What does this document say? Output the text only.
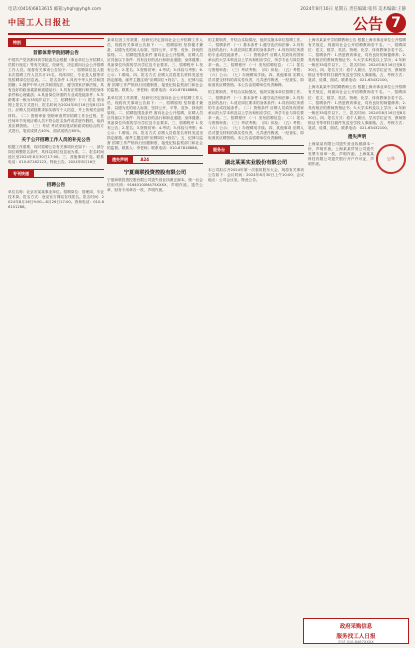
电话:(0416)6813615 邮箱:yhgh@yhgh.com	2024年8月16日 星期五 责任编辑:张伟 美术编辑:王静
中国工人日报社	公告 7
特别
首都体育学院招聘公告
中国共产党首都体育学院委员会根据《事业单位公开招聘人员暂行规定》等有关规定，经研究，决定面向社会公开招聘工作人员。现将有关事项公告如下：一、招聘岗位及人数 本次招聘工作人员共计15名，具体岗位、专业及人数等详见招聘岗位信息表。二、报名条件 1.具有中华人民共和国国籍；2.拥护中华人民共和国宪法，遵守国家法律法规，具有良好的政治素质和道德品行；3.具有正常履行职责的身体条件和心理素质；4.具备岗位所需的专业或技能条件；5.年龄要求一般为35周岁以下。三、招聘程序 （一）报名 采用网上报名方式进行，报名时间为2024年8月16日至8月25日。应聘人员须按要求如实填写个人信息，并上传相关证明材料。（二）资格审查 资格审查贯穿招聘工作全过程，在任何环节发现应聘人员不符合报名条件或弄虚作假的，取消其应聘资格。（三）考试 考试采取笔试和面试相结合的方式进行，笔试成绩占40%，面试成绩占60%。
关于公开招聘工作人员的补充公告
根据工作需要，现对招聘公告有关事项补充如下：一、部分岗位调整报名条件，具体以岗位信息表为准。二、报名时间延长至2024年8月30日17:00。三、其他事项不变。联系电话：010-87182123。特此公告。2024年8月16日
专刊快递
招聘公告
单位名称：北京市某某事业单位。招聘岗位：管理岗、专业技术岗。报名方式：登录官方网站在线报名。报名时间：2024年8月16日9:00—8月26日17:00。咨询电话：010-86101288。
某单位因工作需要，经研究决定面向社会公开招聘工作人员，现将有关事项公告如下：一、招聘原则 坚持德才兼备、以德为先的用人标准，坚持公开、平等、竞争、择优的原则。二、招聘范围及条件 面向社会公开招聘，应聘人员应具备以下条件：具有良好的品行和职业道德；身体健康；具备岗位所需的学历学位及专业要求。三、招聘程序 1.发布公告；2.报名；3.资格初审；4.考试；5.体检与考察；6.公示；7.聘用。四、报名方式 应聘人员将报名材料发送至指定邮箱，邮件主题注明“应聘岗位+姓名”。五、纪律与监督 招聘工作严格执行回避制度，接受纪检监察部门和社会的监督。联系人：李老师；联系电话：010-87818888。
某单位因工作需要，经研究决定面向社会公开招聘工作人员，现将有关事项公告如下：一、招聘原则 坚持德才兼备、以德为先的用人标准，坚持公开、平等、竞争、择优的原则。二、招聘范围及条件 面向社会公开招聘，应聘人员应具备以下条件：具有良好的品行和职业道德；身体健康；具备岗位所需的学历学位及专业要求。三、招聘程序 1.发布公告；2.报名；3.资格初审；4.考试；5.体检与考察；6.公示；7.聘用。四、报名方式 应聘人员将报名材料发送至指定邮箱，邮件主题注明“应聘岗位+姓名”。五、纪律与监督 招聘工作严格执行回避制度，接受纪检监察部门和社会的监督。联系人：李老师；联系电话：010-87818888。
遗失声明	A24
宁夏商联投资控股有限公司
宁夏商联投资控股有限公司遗失营业执照正副本，统一社会信用代码：91640100MA75XXXX，声明作废。遗失公章、财务专用章各一枚，声明作废。
的主要职责，并结合实际情况，组织实施本单位招聘工作。二、招聘条件 （一）基本条件 1.遵守宪法和法律；2.具有良好的品行；3.适应岗位要求的身体条件；4.具有岗位所需的专业或技能条件。（二）资格条件 应聘人员须具有国家承认的大学本科及以上学历和相应学位，所学专业与岗位要求一致。三、招聘程序 （一）发布招聘信息；（二）报名与资格审查；（三）考试考核；（四）体检；（五）考察；（六）公示；（七）办理聘用手续。四、其他事项 应聘人员对提交材料的真实性负责，凡弄虚作假者，一经查实，即取消其应聘资格。本公告由招聘单位负责解释。
的主要职责，并结合实际情况，组织实施本单位招聘工作。二、招聘条件 （一）基本条件 1.遵守宪法和法律；2.具有良好的品行；3.适应岗位要求的身体条件；4.具有岗位所需的专业或技能条件。（二）资格条件 应聘人员须具有国家承认的大学本科及以上学历和相应学位，所学专业与岗位要求一致。三、招聘程序 （一）发布招聘信息；（二）报名与资格审查；（三）考试考核；（四）体检；（五）考察；（六）公示；（七）办理聘用手续。四、其他事项 应聘人员对提交材料的真实性负责，凡弄虚作假者，一经查实，即取消其应聘资格。本公告由招聘单位负责解释。
服务台
湖北某某实业股份有限公司
本公司拟召开2024年第一次临时股东大会，现将有关事项公告如下：会议时间：2024年8月30日上午10:00；会议地点：公司会议室。特此公告。
上海市某某中学招聘教师公告 根据上海市事业单位公开招聘有关规定，现面向社会公开招聘教师若干名。一、招聘岗位：语文、数学、英语、物理、化学、体育教师各若干名。二、招聘条件：1.热爱教育事业，具有良好的师德修养；2.具有相应的教师资格证书；3.大学本科及以上学历；4.年龄一般在35周岁以下。三、报名时间：2024年8月16日至8月30日。四、报名方式：将个人简历、学历学位证书、教师资格证书等材料扫描件发送至学校人事邮箱。五、考核方式：笔试、说课、面试。联系电话：021-65432100。
上海市某某中学招聘教师公告 根据上海市事业单位公开招聘有关规定，现面向社会公开招聘教师若干名。一、招聘岗位：语文、数学、英语、物理、化学、体育教师各若干名。二、招聘条件：1.热爱教育事业，具有良好的师德修养；2.具有相应的教师资格证书；3.大学本科及以上学历；4.年龄一般在35周岁以下。三、报名时间：2024年8月16日至8月30日。四、报名方式：将个人简历、学历学位证书、教师资格证书等材料扫描件发送至学校人事邮箱。五、考核方式：笔试、说课、面试。联系电话：021-65432100。
遗失声明
公章
上海某某有限公司遗失营业执照副本一份，声明作废。上海某某贸易公司遗失发票专用章一枚，声明作废。上海某某科技有限公司遗失银行开户许可证，声明作废。
政府采购信息
服务找工人日报
电话 010-8467XXXX
